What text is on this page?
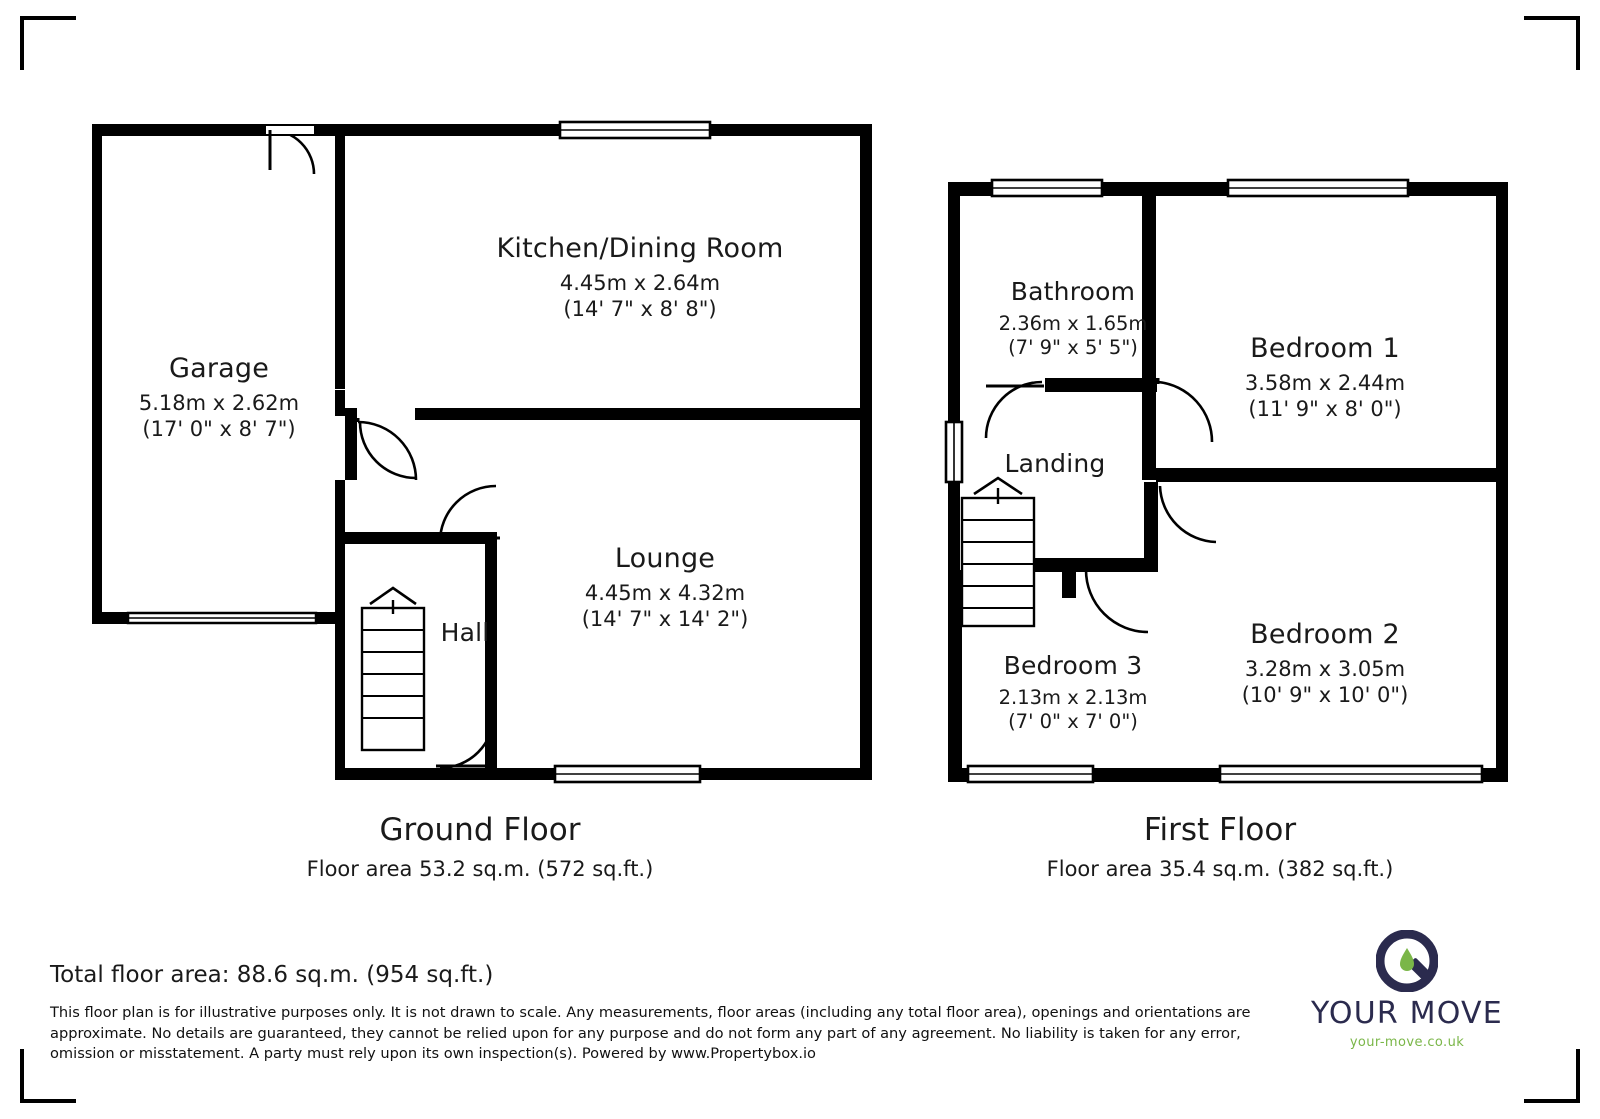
Kitchen/Dining Room
4.45m x 2.64m
(14' 7" x 8' 8")
Garage
5.18m x 2.62m
(17' 0" x 8' 7")
Lounge
4.45m x 4.32m
(14' 7" x 14' 2")
Hall
Bathroom
2.36m x 1.65m
(7' 9" x 5' 5")	Bedroom 1
3.58m x 2.44m
(11' 9" x 8' 0")
Landing
Bedroom 2
3.28m x 3.05m
(10' 9" x 10' 0")
Bedroom 3
2.13m x 2.13m
(7' 0" x 7' 0")
Ground Floor
Floor area 53.2 sq.m. (572 sq.ft.)
First Floor
Floor area 35.4 sq.m. (382 sq.ft.)
Total floor area: 88.6 sq.m. (954 sq.ft.)
This floor plan is for illustrative purposes only. It is not drawn to scale. Any measurements, floor areas (including any total floor area), openings and orientations are approximate. No details are guaranteed, they cannot be relied upon for any purpose and do not form any part of any agreement. No liability is taken for any error, omission or misstatement. A party must rely upon its own inspection(s). Powered by www.Propertybox.io
YOUR MOVE
your-move.co.uk
